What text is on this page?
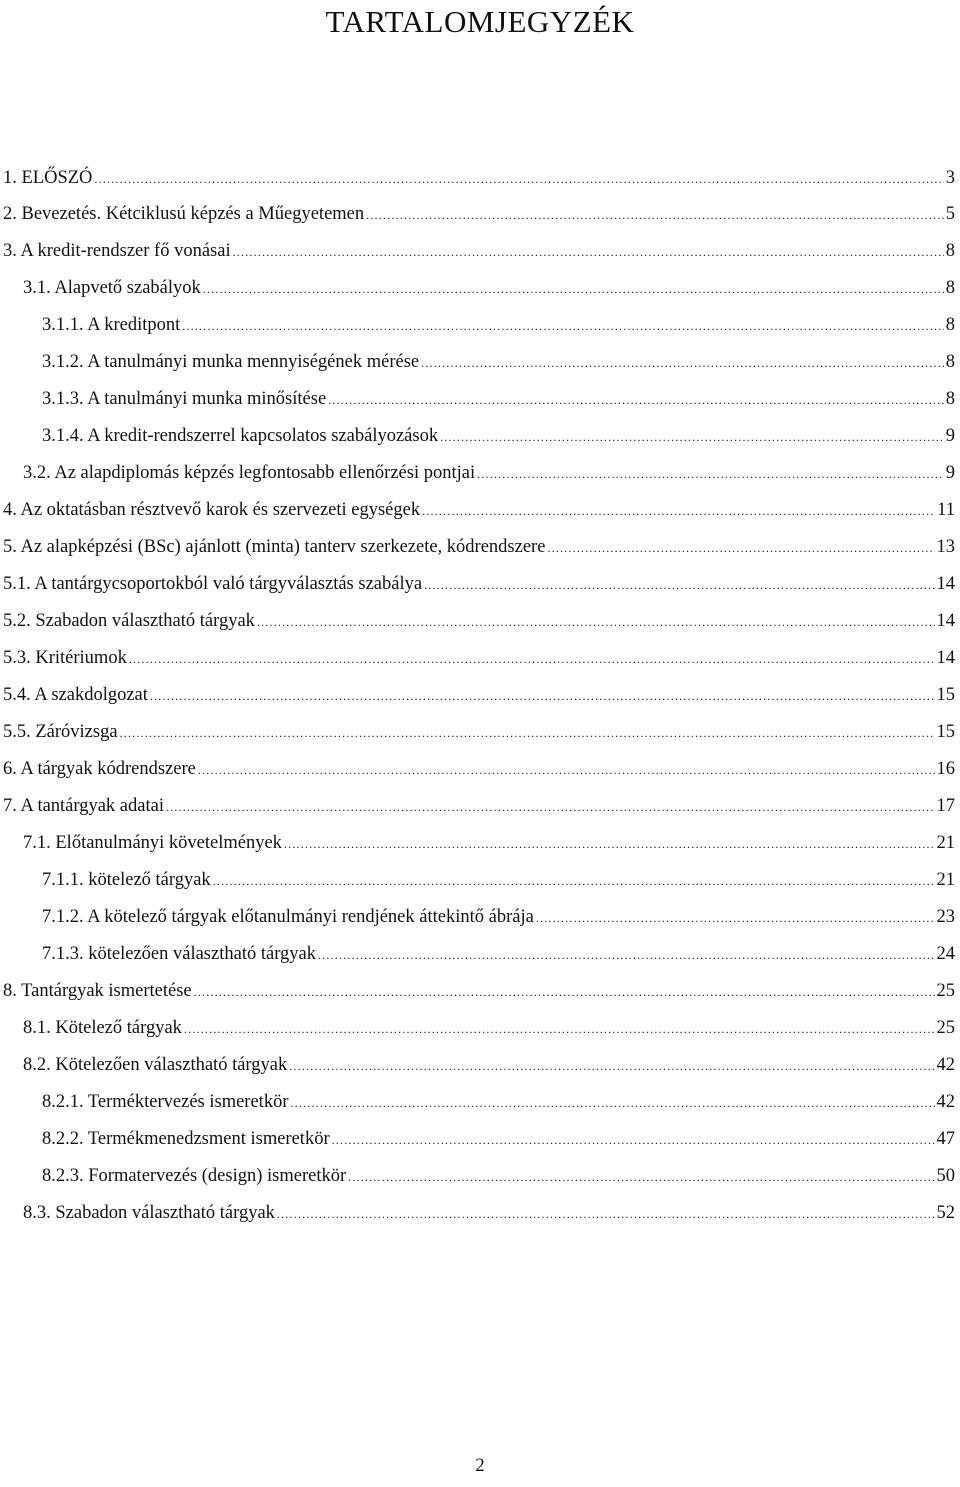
TARTALOMJEGYZÉK
1. ELŐSZÓ .....	3
2. Bevezetés. Kétciklusú képzés a Műegyetemen .....	5
3. A kredit-rendszer fő vonásai .....	8
3.1. Alapvető szabályok .....	8
3.1.1. A kreditpont .....	8
3.1.2. A tanulmányi munka mennyiségének mérése .....	8
3.1.3. A tanulmányi munka minősítése .....	8
3.1.4. A kredit-rendszerrel kapcsolatos szabályozások .....	9
3.2. Az alapdiplomás képzés legfontosabb ellenőrzési pontjai .....	9
4. Az oktatásban résztvevő karok és szervezeti egységek .....	11
5. Az alapképzési (BSc) ajánlott (minta) tanterv szerkezete, kódrendszere .....	13
5.1. A tantárgycsoportokból való tárgyválasztás szabálya .....	14
5.2. Szabadon választható tárgyak .....	14
5.3. Kritériumok .....	14
5.4. A szakdolgozat .....	15
5.5. Záróvizsga .....	15
6. A tárgyak kódrendszere .....	16
7. A tantárgyak adatai .....	17
7.1. Előtanulmányi követelmények .....	21
7.1.1. kötelező tárgyak .....	21
7.1.2. A kötelező tárgyak előtanulmányi rendjének áttekintő ábrája .....	23
7.1.3. kötelezően választható tárgyak .....	24
8. Tantárgyak ismertetése .....	25
8.1. Kötelező tárgyak .....	25
8.2. Kötelezően választható tárgyak .....	42
8.2.1. Terméktervezés ismeretkör .....	42
8.2.2. Termékmenedzsment ismeretkör .....	47
8.2.3. Formatervezés (design) ismeretkör .....	50
8.3. Szabadon választható tárgyak .....	52
2
